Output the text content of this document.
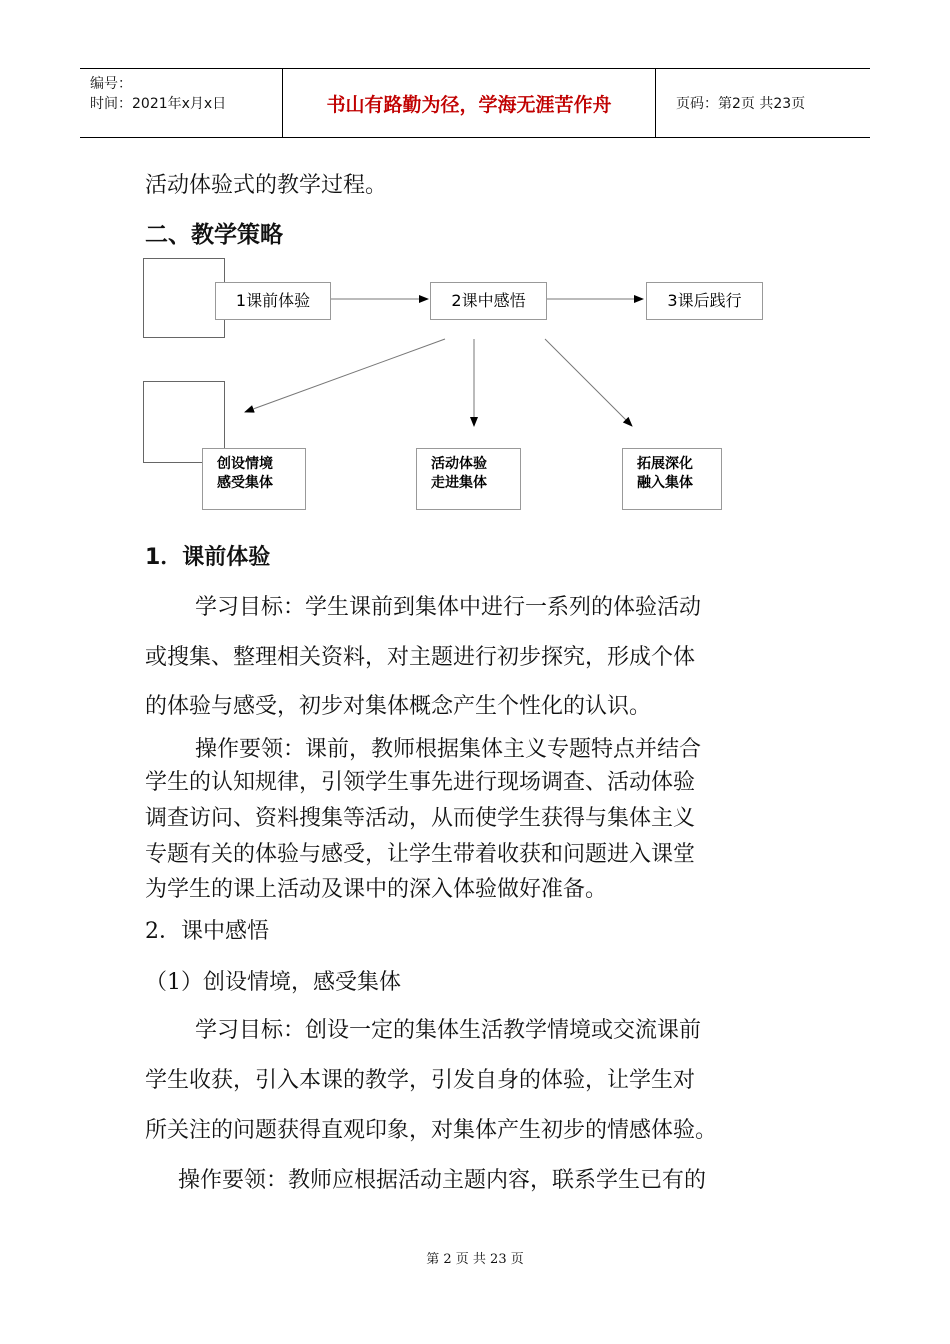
编号：
时间：2021年x月x日	书山有路勤为径，学海无涯苦作舟	页码：第2页 共23页
活动体验式的教学过程。
二、教学策略
1课前体验	2课中感悟	3课后践行
创设情境
感受集体
活动体验
走进集体
拓展深化
融入集体
1．课前体验
学习目标：学生课前到集体中进行一系列的体验活动
或搜集、整理相关资料，对主题进行初步探究，形成个体
的体验与感受，初步对集体概念产生个性化的认识。
操作要领：课前，教师根据集体主义专题特点并结合
学生的认知规律，引领学生事先进行现场调查、活动体验
调查访问、资料搜集等活动，从而使学生获得与集体主义
专题有关的体验与感受，让学生带着收获和问题进入课堂
为学生的课上活动及课中的深入体验做好准备。
2．课中感悟
（1）创设情境，感受集体
学习目标：创设一定的集体生活教学情境或交流课前
学生收获，引入本课的教学，引发自身的体验，让学生对
所关注的问题获得直观印象，对集体产生初步的情感体验。
操作要领：教师应根据活动主题内容，联系学生已有的
第 2 页 共 23 页
